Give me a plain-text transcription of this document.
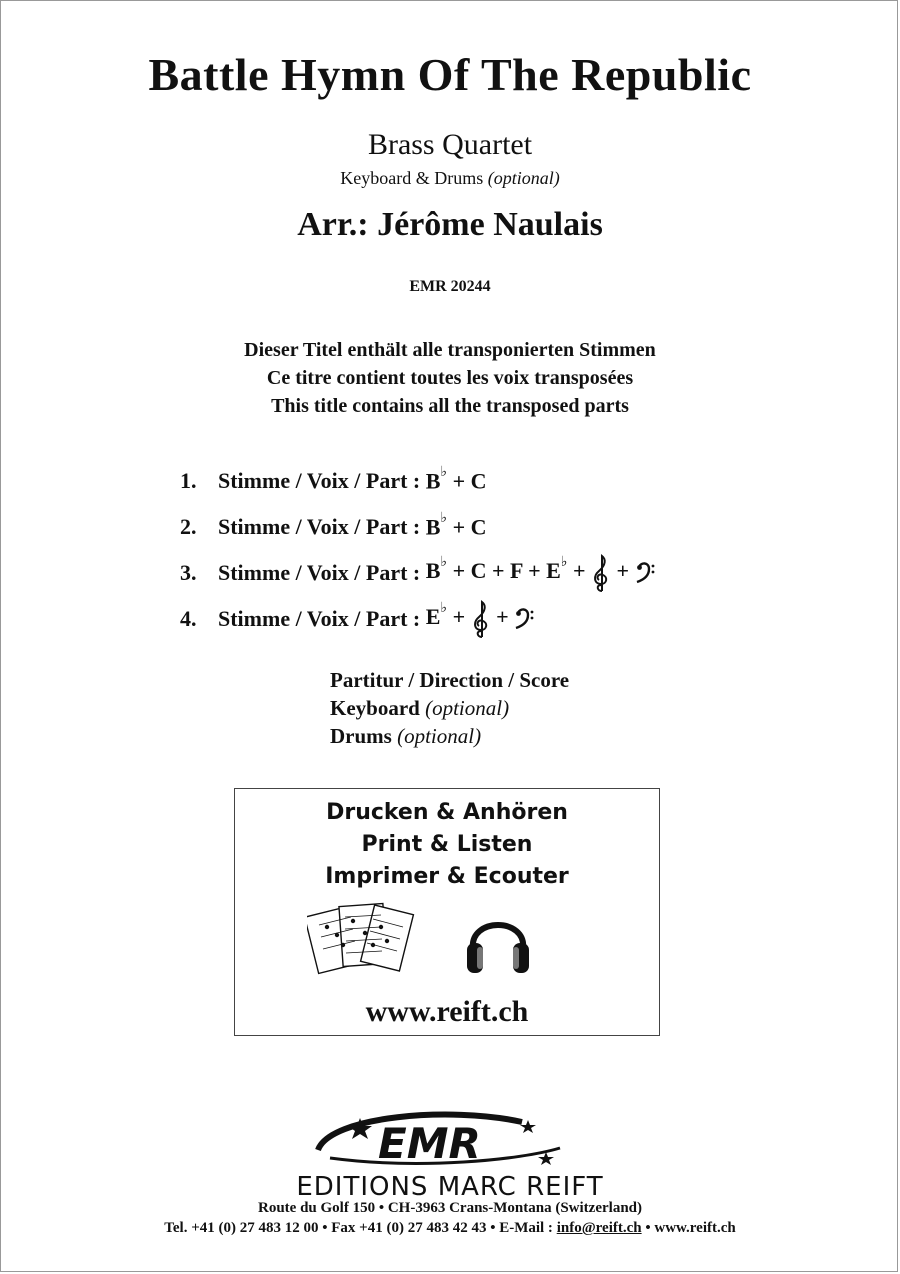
Battle Hymn Of The Republic
Brass Quartet
Keyboard & Drums (optional)
Arr.: Jérôme Naulais
EMR 20244
Dieser Titel enthält alle transponierten Stimmen
Ce titre contient toutes les voix transposées
This title contains all the transposed parts
1. Stimme / Voix / Part :
B♭ + C
2. Stimme / Voix / Part :
B♭ + C
3. Stimme / Voix / Part :
B♭ + C + F + E♭ +  +
4. Stimme / Voix / Part :
E♭ +  +
Partitur / Direction / Score
Keyboard (optional)
Drums (optional)
Drucken & Anhören
Print & Listen
Imprimer & Ecouter
www.reift.ch
EMR
EDITIONS MARC REIFT
Route du Golf 150 • CH-3963 Crans-Montana (Switzerland)
Tel. +41 (0) 27 483 12 00 • Fax +41 (0) 27 483 42 43 • E-Mail : info@reift.ch • www.reift.ch
